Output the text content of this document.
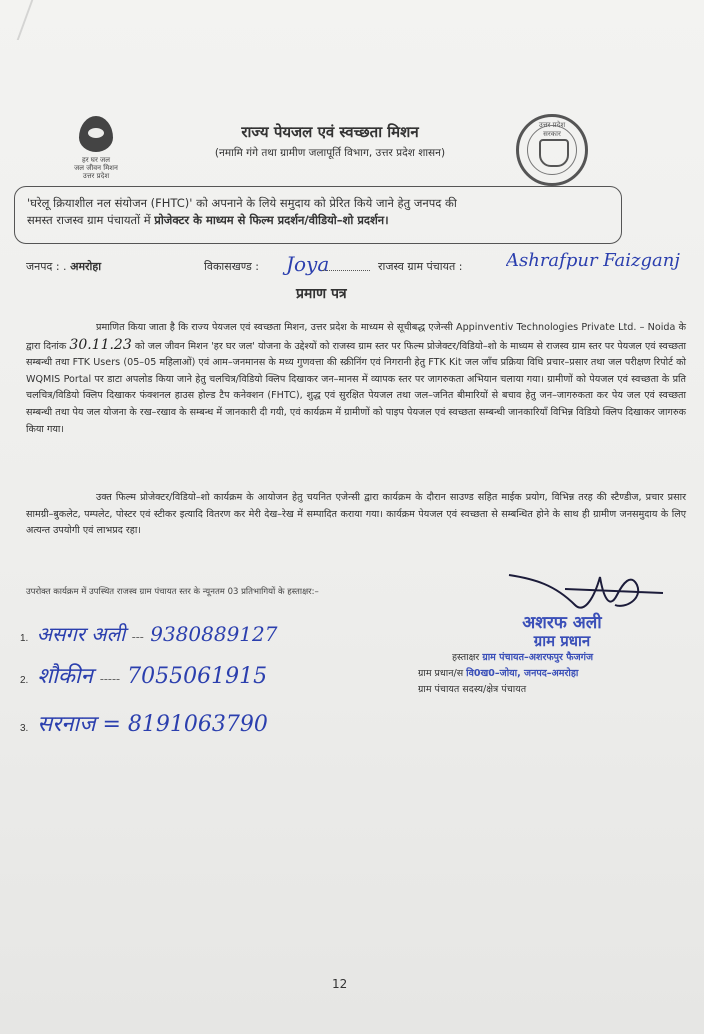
हर घर जल
जल जीवन मिशन
उत्तर प्रदेश
राज्य पेयजल एवं स्वच्छता मिशन
(नमामि गंगे तथा ग्रामीण जलापूर्ति विभाग, उत्तर प्रदेश शासन)
उत्तर प्रदेश सरकार
'घरेलू क्रियाशील नल संयोजन (FHTC)' को अपनाने के लिये समुदाय को प्रेरित किये जाने हेतु जनपद की
समस्त राजस्व ग्राम पंचायतों में प्रोजेक्टर के माध्यम से फिल्म प्रदर्शन/वीडियो–शो प्रदर्शन।
जनपद : . अमरोहा	विकासखण्ड : Joya	राजस्व ग्राम पंचायत : Ashrafpur Faizganj
प्रमाण पत्र
प्रमाणित किया जाता है कि राज्य पेयजल एवं स्वच्छता मिशन, उत्तर प्रदेश के माध्यम से सूचीबद्ध एजेन्सी Appinventiv Technologies Private Ltd. – Noida के द्वारा दिनांक 30.11.23 को जल जीवन मिशन 'हर घर जल' योजना के उद्देश्यों को राजस्व ग्राम स्तर पर फिल्म प्रोजेक्टर/विडियो–शो के माध्यम से राजस्व ग्राम स्तर पर पेयजल एवं स्वच्छता सम्बन्धी तथा FTK Users (05–05 महिलाओं) एवं आम–जनमानस के मध्य गुणवत्ता की स्क्रीनिंग एवं निगरानी हेतु FTK Kit जल जाँच प्रक्रिया विधि प्रचार–प्रसार तथा जल परीक्षण रिपोर्ट को WQMIS Portal पर डाटा अपलोड किया जाने हेतु चलचित्र/विडियो क्लिप दिखाकर जन–मानस में व्यापक स्तर पर जागरुकता अभियान चलाया गया। ग्रामीणों को पेयजल एवं स्वच्छता के प्रति चलचित्र/विडियो क्लिप दिखाकर फंक्शनल हाउस होल्ड टैप कनेक्शन (FHTC), शुद्ध एवं सुरक्षित पेयजल तथा जल–जनित बीमारियों से बचाव हेतु जन–जागरुकता कर पेय जल एवं स्वच्छता सम्बन्धी तथा पेय जल योजना के रख–रखाव के सम्बन्ध में जानकारी दी गयी, एवं कार्यक्रम में ग्रामीणों को पाइप पेयजल एवं स्वच्छता सम्बन्धी जानकारियाँ विभिन्न विडियो क्लिप दिखाकर जागरुक किया गया।
उक्त फिल्म प्रोजेक्टर/विडियो–शो कार्यक्रम के आयोजन हेतु चयनित एजेन्सी द्वारा कार्यक्रम के दौरान साउण्ड सहित माईक प्रयोग, विभिन्न तरह की स्टैण्डीज, प्रचार प्रसार सामग्री–बुकलेट, पम्पलेट, पोस्टर एवं स्टीकर इत्यादि वितरण कर मेरी देख–रेख में सम्पादित कराया गया। कार्यक्रम पेयजल एवं स्वच्छता से सम्बन्धित होने के साथ ही ग्रामीण जनसमुदाय के लिए अत्यन्त उपयोगी एवं लाभप्रद रहा।
उपरोक्त कार्यक्रम में उपस्थित राजस्व ग्राम पंचायत स्तर के न्यूनतम 03 प्रतिभागियों के हस्ताक्षर:–
1. असगर अली --- 9380889127
2. शौकीन ----- 7055061915
3. सरनाज = 8191063790
अशरफ अली
ग्राम प्रधान
हस्ताक्षर ग्राम पंचायत–अशरफपुर फैजगंज
ग्राम प्रधान/स वि0ख0–जोया, जनपद–अमरोहा
ग्राम पंचायत सदस्य/क्षेत्र पंचायत
12
